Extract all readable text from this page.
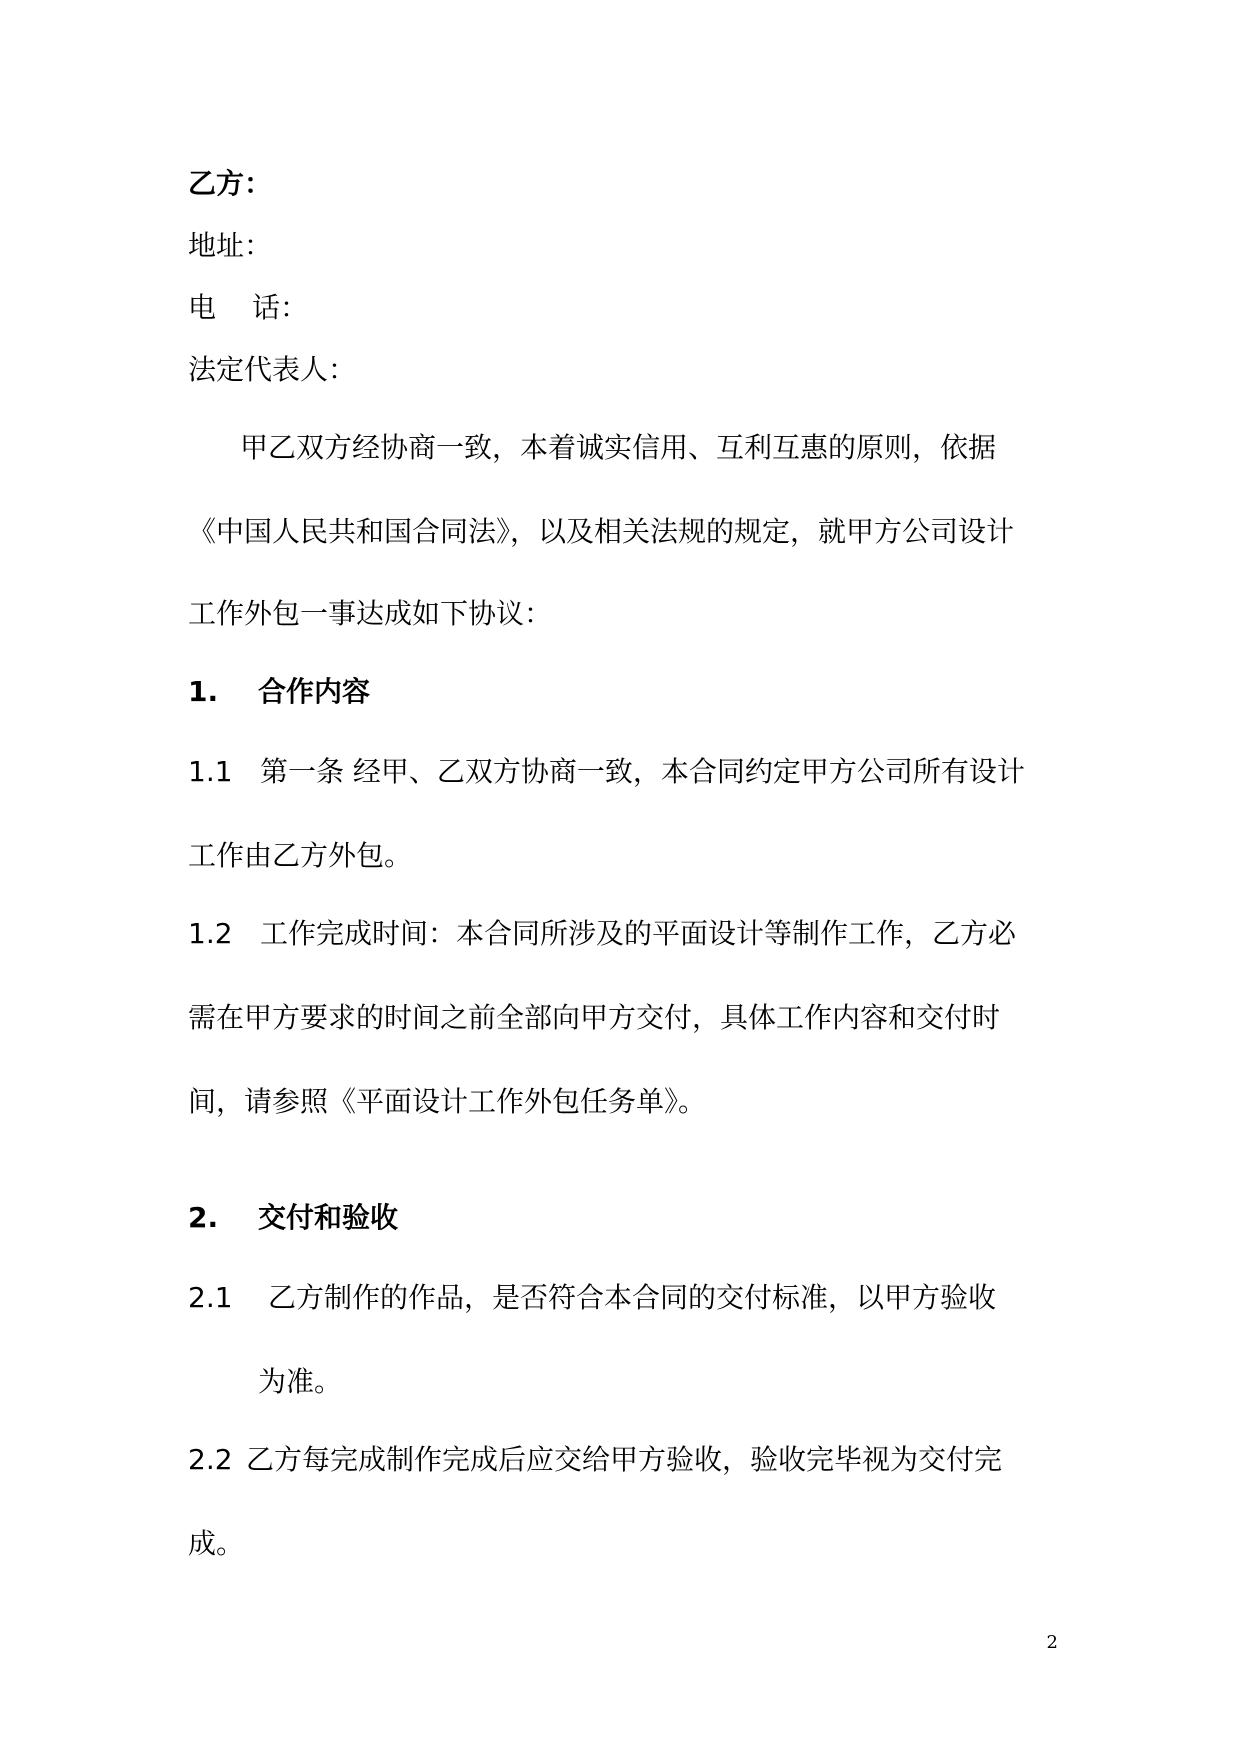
乙方：
地址：
电 话：
法定代表人：
甲乙双方经协商一致，本着诚实信用、互利互惠的原则，依据
《中国人民共和国合同法》，以及相关法规的规定，就甲方公司设计
工作外包一事达成如下协议：
1. 合作内容
1.1 第一条 经甲、乙双方协商一致，本合同约定甲方公司所有设计
工作由乙方外包。
1.2 工作完成时间：本合同所涉及的平面设计等制作工作，乙方必
需在甲方要求的时间之前全部向甲方交付，具体工作内容和交付时
间，请参照《平面设计工作外包任务单》。
2. 交付和验收
2.1 乙方制作的作品，是否符合本合同的交付标准，以甲方验收
为准。
2.2 乙方每完成制作完成后应交给甲方验收，验收完毕视为交付完
成。
2
